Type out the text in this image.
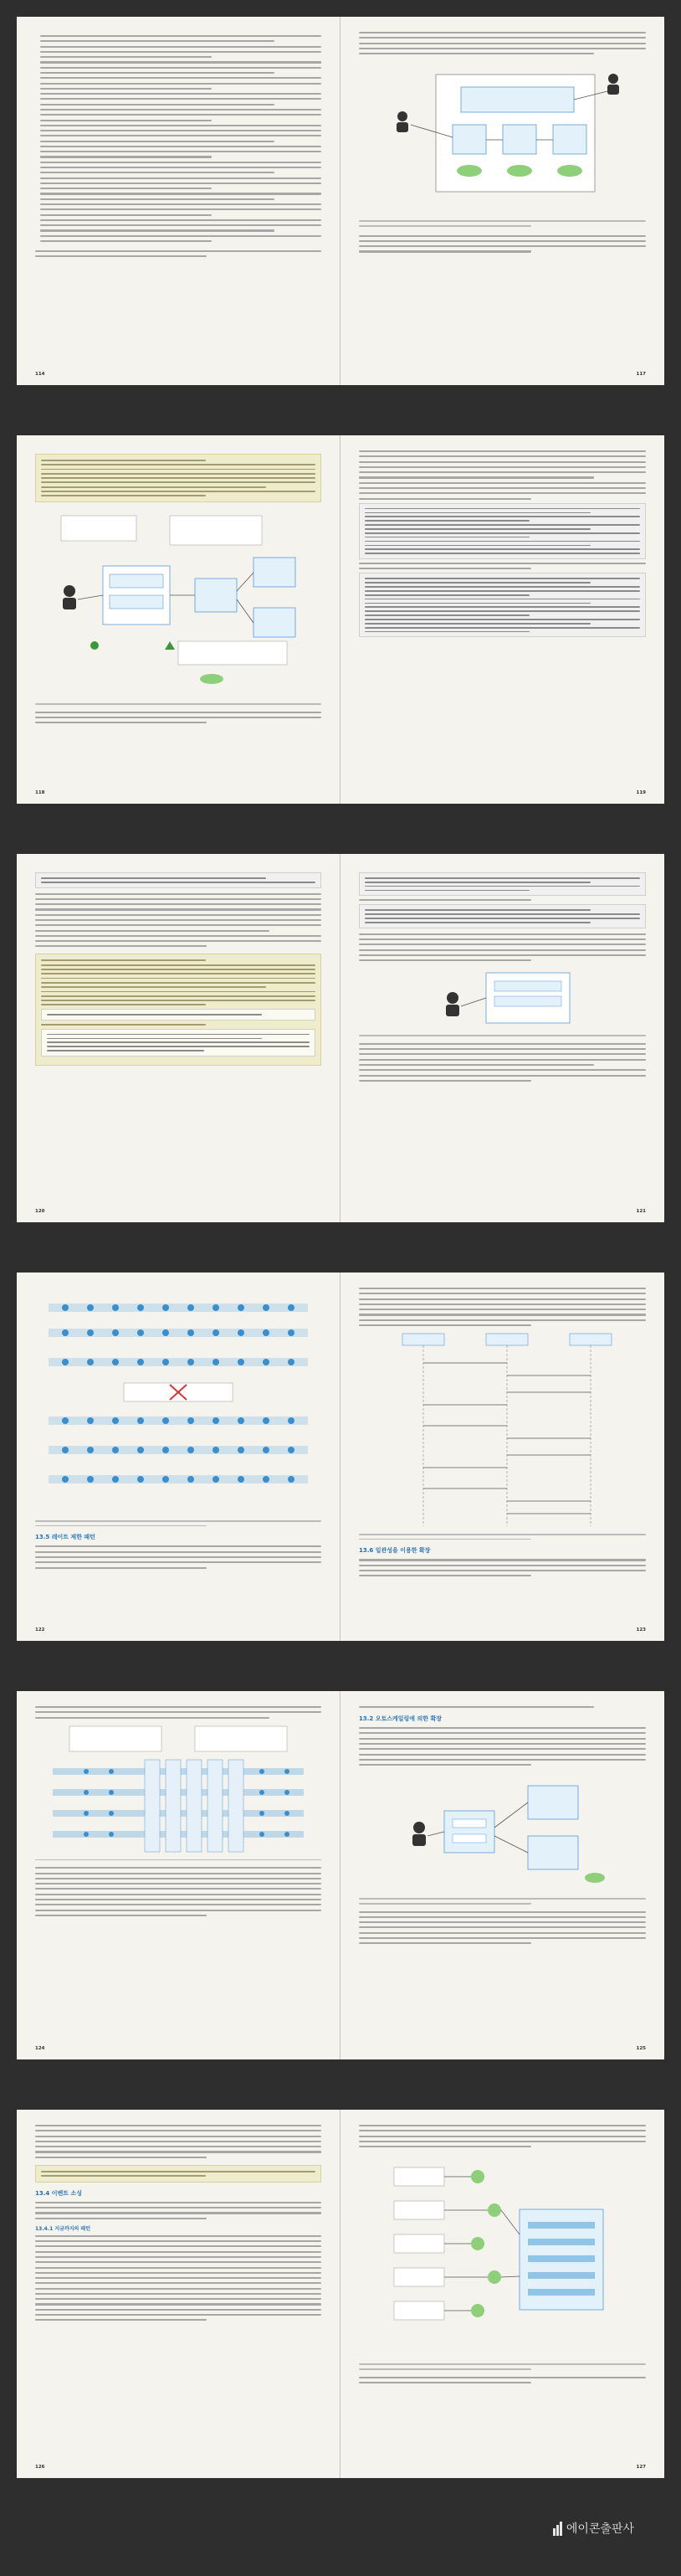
114	117
118	119
120	121
13.5 레이트 제한 패턴
122
13.6 일관성을 이용한 확장
123
124
13.2 오토스케일링에 의한 확장
125
13.4 이벤트 소싱
13.4.1 지금까지의 패턴
126	127
에이콘출판사
